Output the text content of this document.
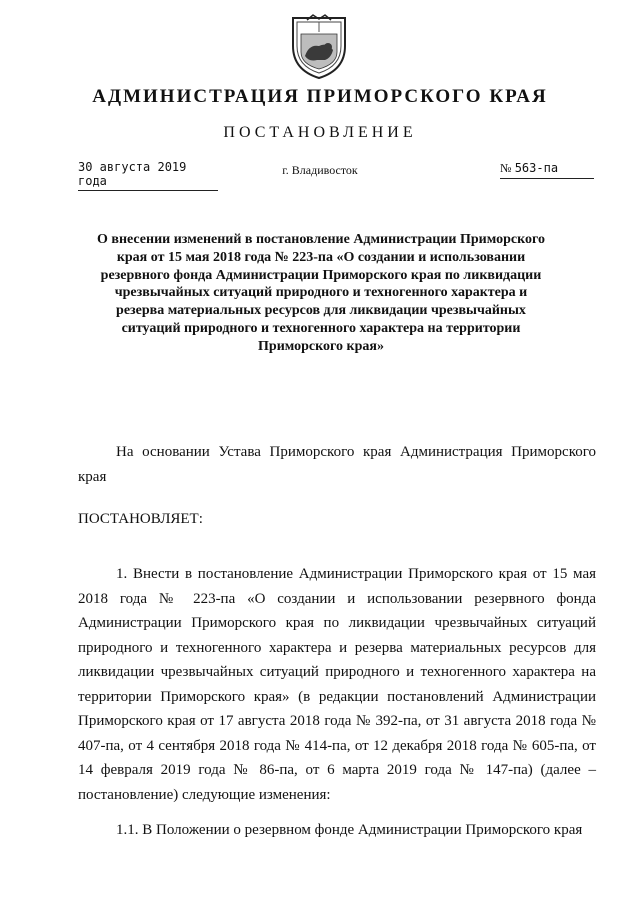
АДМИНИСТРАЦИЯ ПРИМОРСКОГО КРАЯ
ПОСТАНОВЛЕНИЕ
30 августа 2019 года
г. Владивосток	№ 563-па
О внесении изменений в постановление Администрации Приморского края от 15 мая 2018 года № 223-па «О создании и использовании резервного фонда Администрации Приморского края по ликвидации чрезвычайных ситуаций природного и техногенного характера и резерва материальных ресурсов для ликвидации чрезвычайных ситуаций природного и техногенного характера на территории Приморского края»
На основании Устава Приморского края Администрация Приморского края
ПОСТАНОВЛЯЕТ:
1. Внести в постановление Администрации Приморского края от 15 мая 2018 года № 223-па «О создании и использовании резервного фонда Администрации Приморского края по ликвидации чрезвычайных ситуаций природного и техногенного характера и резерва материальных ресурсов для ликвидации чрезвычайных ситуаций природного и техногенного характера на территории Приморского края» (в редакции постановлений Администрации Приморского края от 17 августа 2018 года № 392-па, от 31 августа 2018 года № 407-па, от 4 сентября 2018 года № 414-па, от 12 декабря 2018 года № 605-па, от 14 февраля 2019 года № 86-па, от 6 марта 2019 года № 147-па) (далее – постановление) следующие изменения:
1.1. В Положении о резервном фонде Администрации Приморского края
